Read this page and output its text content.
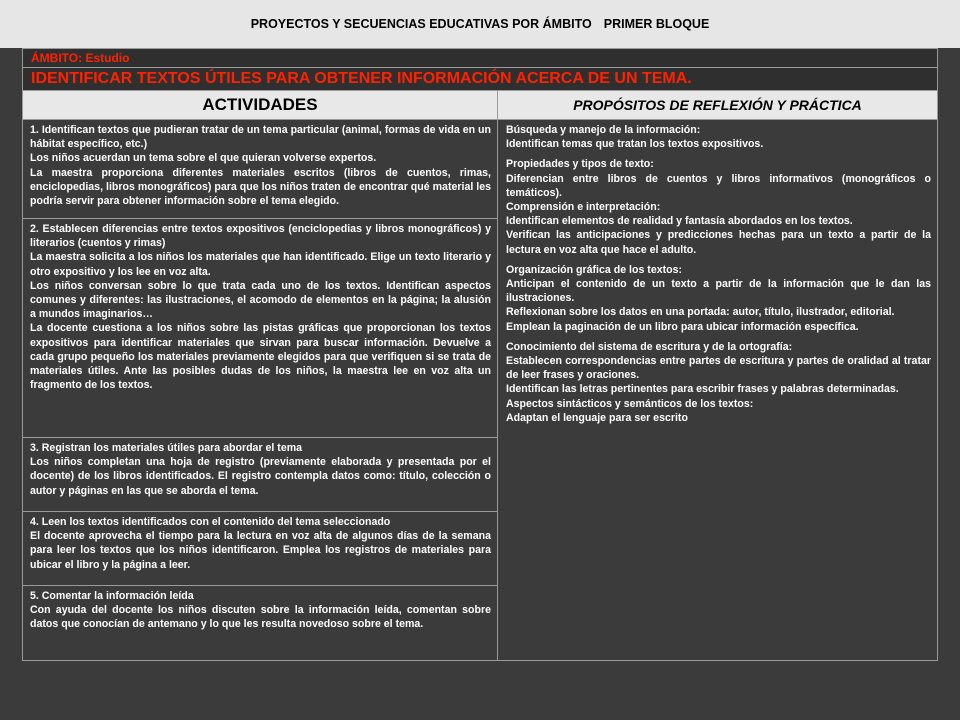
PROYECTOS Y SECUENCIAS EDUCATIVAS POR ÁMBITO PRIMER BLOQUE
ÁMBITO: Estudio
IDENTIFICAR TEXTOS ÚTILES PARA OBTENER INFORMACIÓN ACERCA DE UN TEMA.
ACTIVIDADES	PROPÓSITOS DE REFLEXIÓN Y PRÁCTICA

1. Identifican textos que pudieran tratar de un tema particular (animal, formas de vida en un hábitat específico, etc.)

Los niños acuerdan un tema sobre el que quieran volverse expertos.

La maestra proporciona diferentes materiales escritos (libros de cuentos, rimas, enciclopedias, libros monográficos) para que los niños traten de encontrar qué material les podría servir para obtener información sobre el tema elegido.

2. Establecen diferencias entre textos expositivos (enciclopedias y libros monográficos) y literarios (cuentos y rimas)

La maestra solicita a los niños los materiales que han identificado. Elige un texto literario y otro expositivo y los lee en voz alta.

Los niños conversan sobre lo que trata cada uno de los textos. Identifican aspectos comunes y diferentes: las ilustraciones, el acomodo de elementos en la página; la alusión a mundos imaginarios…

La docente cuestiona a los niños sobre las pistas gráficas que proporcionan los textos expositivos para identificar materiales que sirvan para buscar información. Devuelve a cada grupo pequeño los materiales previamente elegidos para que verifiquen si se trata de materiales útiles. Ante las posibles dudas de los niños, la maestra lee en voz alta un fragmento de los textos.

3. Registran los materiales útiles para abordar el tema

Los niños completan una hoja de registro (previamente elaborada y presentada por el docente) de los libros identificados. El registro contempla datos como: título, colección o autor y páginas en las que se aborda el tema.

4. Leen los textos identificados con el contenido del tema seleccionado

El docente aprovecha el tiempo para la lectura en voz alta de algunos días de la semana para leer los textos que los niños identificaron. Emplea los registros de materiales para ubicar el libro y la página a leer.

5. Comentar la información leída

Con ayuda del docente los niños discuten sobre la información leída, comentan sobre datos que conocían de antemano y lo que les resulta novedoso sobre el tema.

Búsqueda y manejo de la información:

Identifican temas que tratan los textos expositivos.

Propiedades y tipos de texto:

Diferencian entre libros de cuentos y libros informativos (monográficos o temáticos).

Comprensión e interpretación:

Identifican elementos de realidad y fantasía abordados en los textos.

Verifican las anticipaciones y predicciones hechas para un texto a partir de la lectura en voz alta que hace el adulto.

Organización gráfica de los textos:

Anticipan el contenido de un texto a partir de la información que le dan las ilustraciones.

Reflexionan sobre los datos en una portada: autor, título, ilustrador, editorial.

Emplean la paginación de un libro para ubicar información específica.

Conocimiento del sistema de escritura y de la ortografía:

Establecen correspondencias entre partes de escritura y partes de oralidad al tratar de leer frases y oraciones.

Identifican las letras pertinentes para escribir frases y palabras determinadas.

Aspectos sintácticos y semánticos de los textos:

Adaptan el lenguaje para ser escrito
